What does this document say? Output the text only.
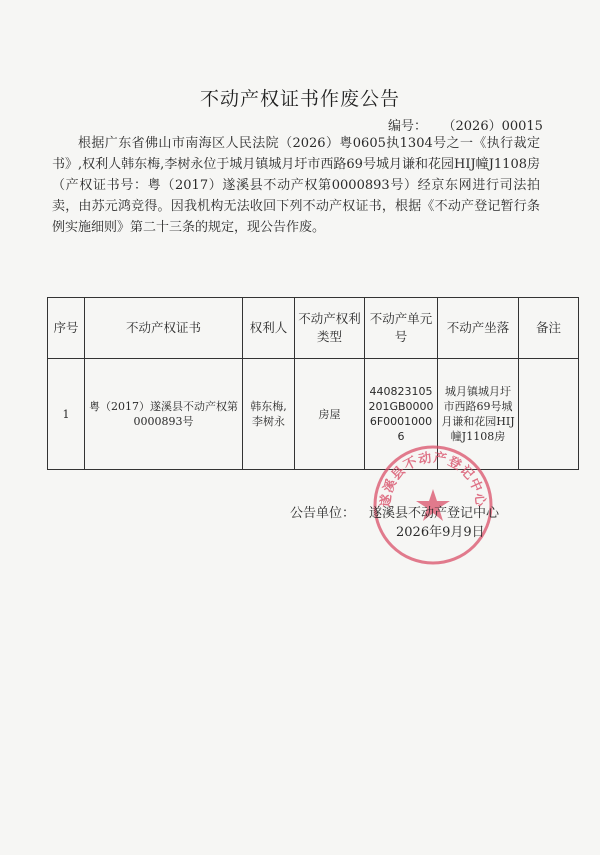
不动产权证书作废公告
编号： （2026）00015

根据广东省佛山市南海区人民法院（2026）粤0605执1304号之一《执行裁定书》,权利人韩东梅,李树永位于城月镇城月圩市西路69号城月谦和花园HIJ幢J1108房（产权证书号：粤（2017）遂溪县不动产权第0000893号）经京东网进行司法拍卖，由苏元鸿竞得。因我机构无法收回下列不动产权证书，根据《不动产登记暂行条例实施细则》第二十三条的规定，现公告作废。

序号	不动产权证书	权利人	不动产权利类型	不动产单元号	不动产坐落	备注
1	粤（2017）遂溪县不动产权第0000893号	韩东梅,李树永	房屋	440823105201GB00006F00010006	城月镇城月圩市西路69号城月谦和花园HIJ幢J1108房	
遂溪县不动产登记中心
公告单位： 遂溪县不动产登记中心
2026年9月9日
